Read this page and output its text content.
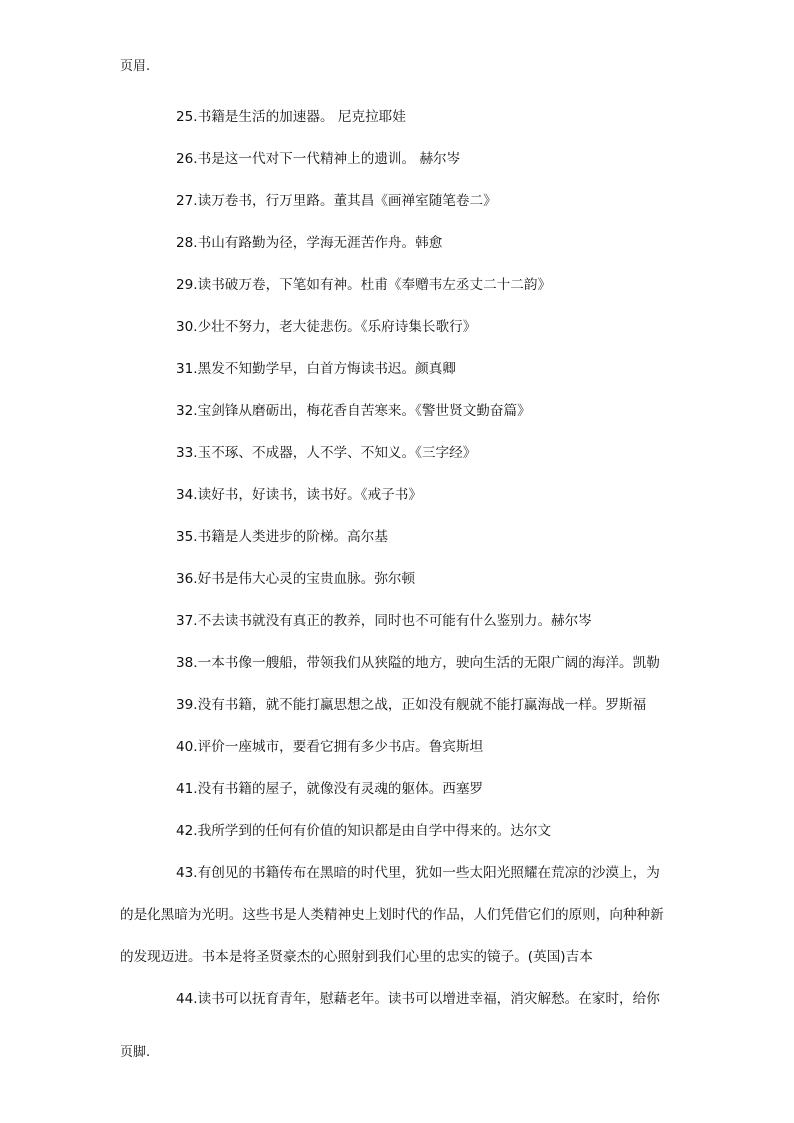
页眉.
25.书籍是生活的加速器。 尼克拉耶娃
26.书是这一代对下一代精神上的遗训。 赫尔岑
27.读万卷书，行万里路。董其昌《画禅室随笔卷二》
28.书山有路勤为径，学海无涯苦作舟。韩愈
29.读书破万卷，下笔如有神。杜甫《奉赠韦左丞丈二十二韵》
30.少壮不努力，老大徒悲伤。《乐府诗集长歌行》
31.黑发不知勤学早，白首方悔读书迟。颜真卿
32.宝剑锋从磨砺出，梅花香自苦寒来。《警世贤文勤奋篇》
33.玉不琢、不成器，人不学、不知义。《三字经》
34.读好书，好读书，读书好。《戒子书》
35.书籍是人类进步的阶梯。高尔基
36.好书是伟大心灵的宝贵血脉。弥尔顿
37.不去读书就没有真正的教养，同时也不可能有什么鉴别力。赫尔岑
38.一本书像一艘船，带领我们从狭隘的地方，驶向生活的无限广阔的海洋。凯勒
39.没有书籍，就不能打赢思想之战，正如没有舰就不能打赢海战一样。罗斯福
40.评价一座城市，要看它拥有多少书店。鲁宾斯坦
41.没有书籍的屋子，就像没有灵魂的躯体。西塞罗
42.我所学到的任何有价值的知识都是由自学中得来的。达尔文
43.有创见的书籍传布在黑暗的时代里，犹如一些太阳光照耀在荒凉的沙漠上，为
的是化黑暗为光明。这些书是人类精神史上划时代的作品，人们凭借它们的原则，向种种新
的发现迈进。书本是将圣贤豪杰的心照射到我们心里的忠实的镜子。(英国)吉本
44.读书可以抚育青年，慰藉老年。读书可以增进幸福，消灾解愁。在家时，给你
页脚.
